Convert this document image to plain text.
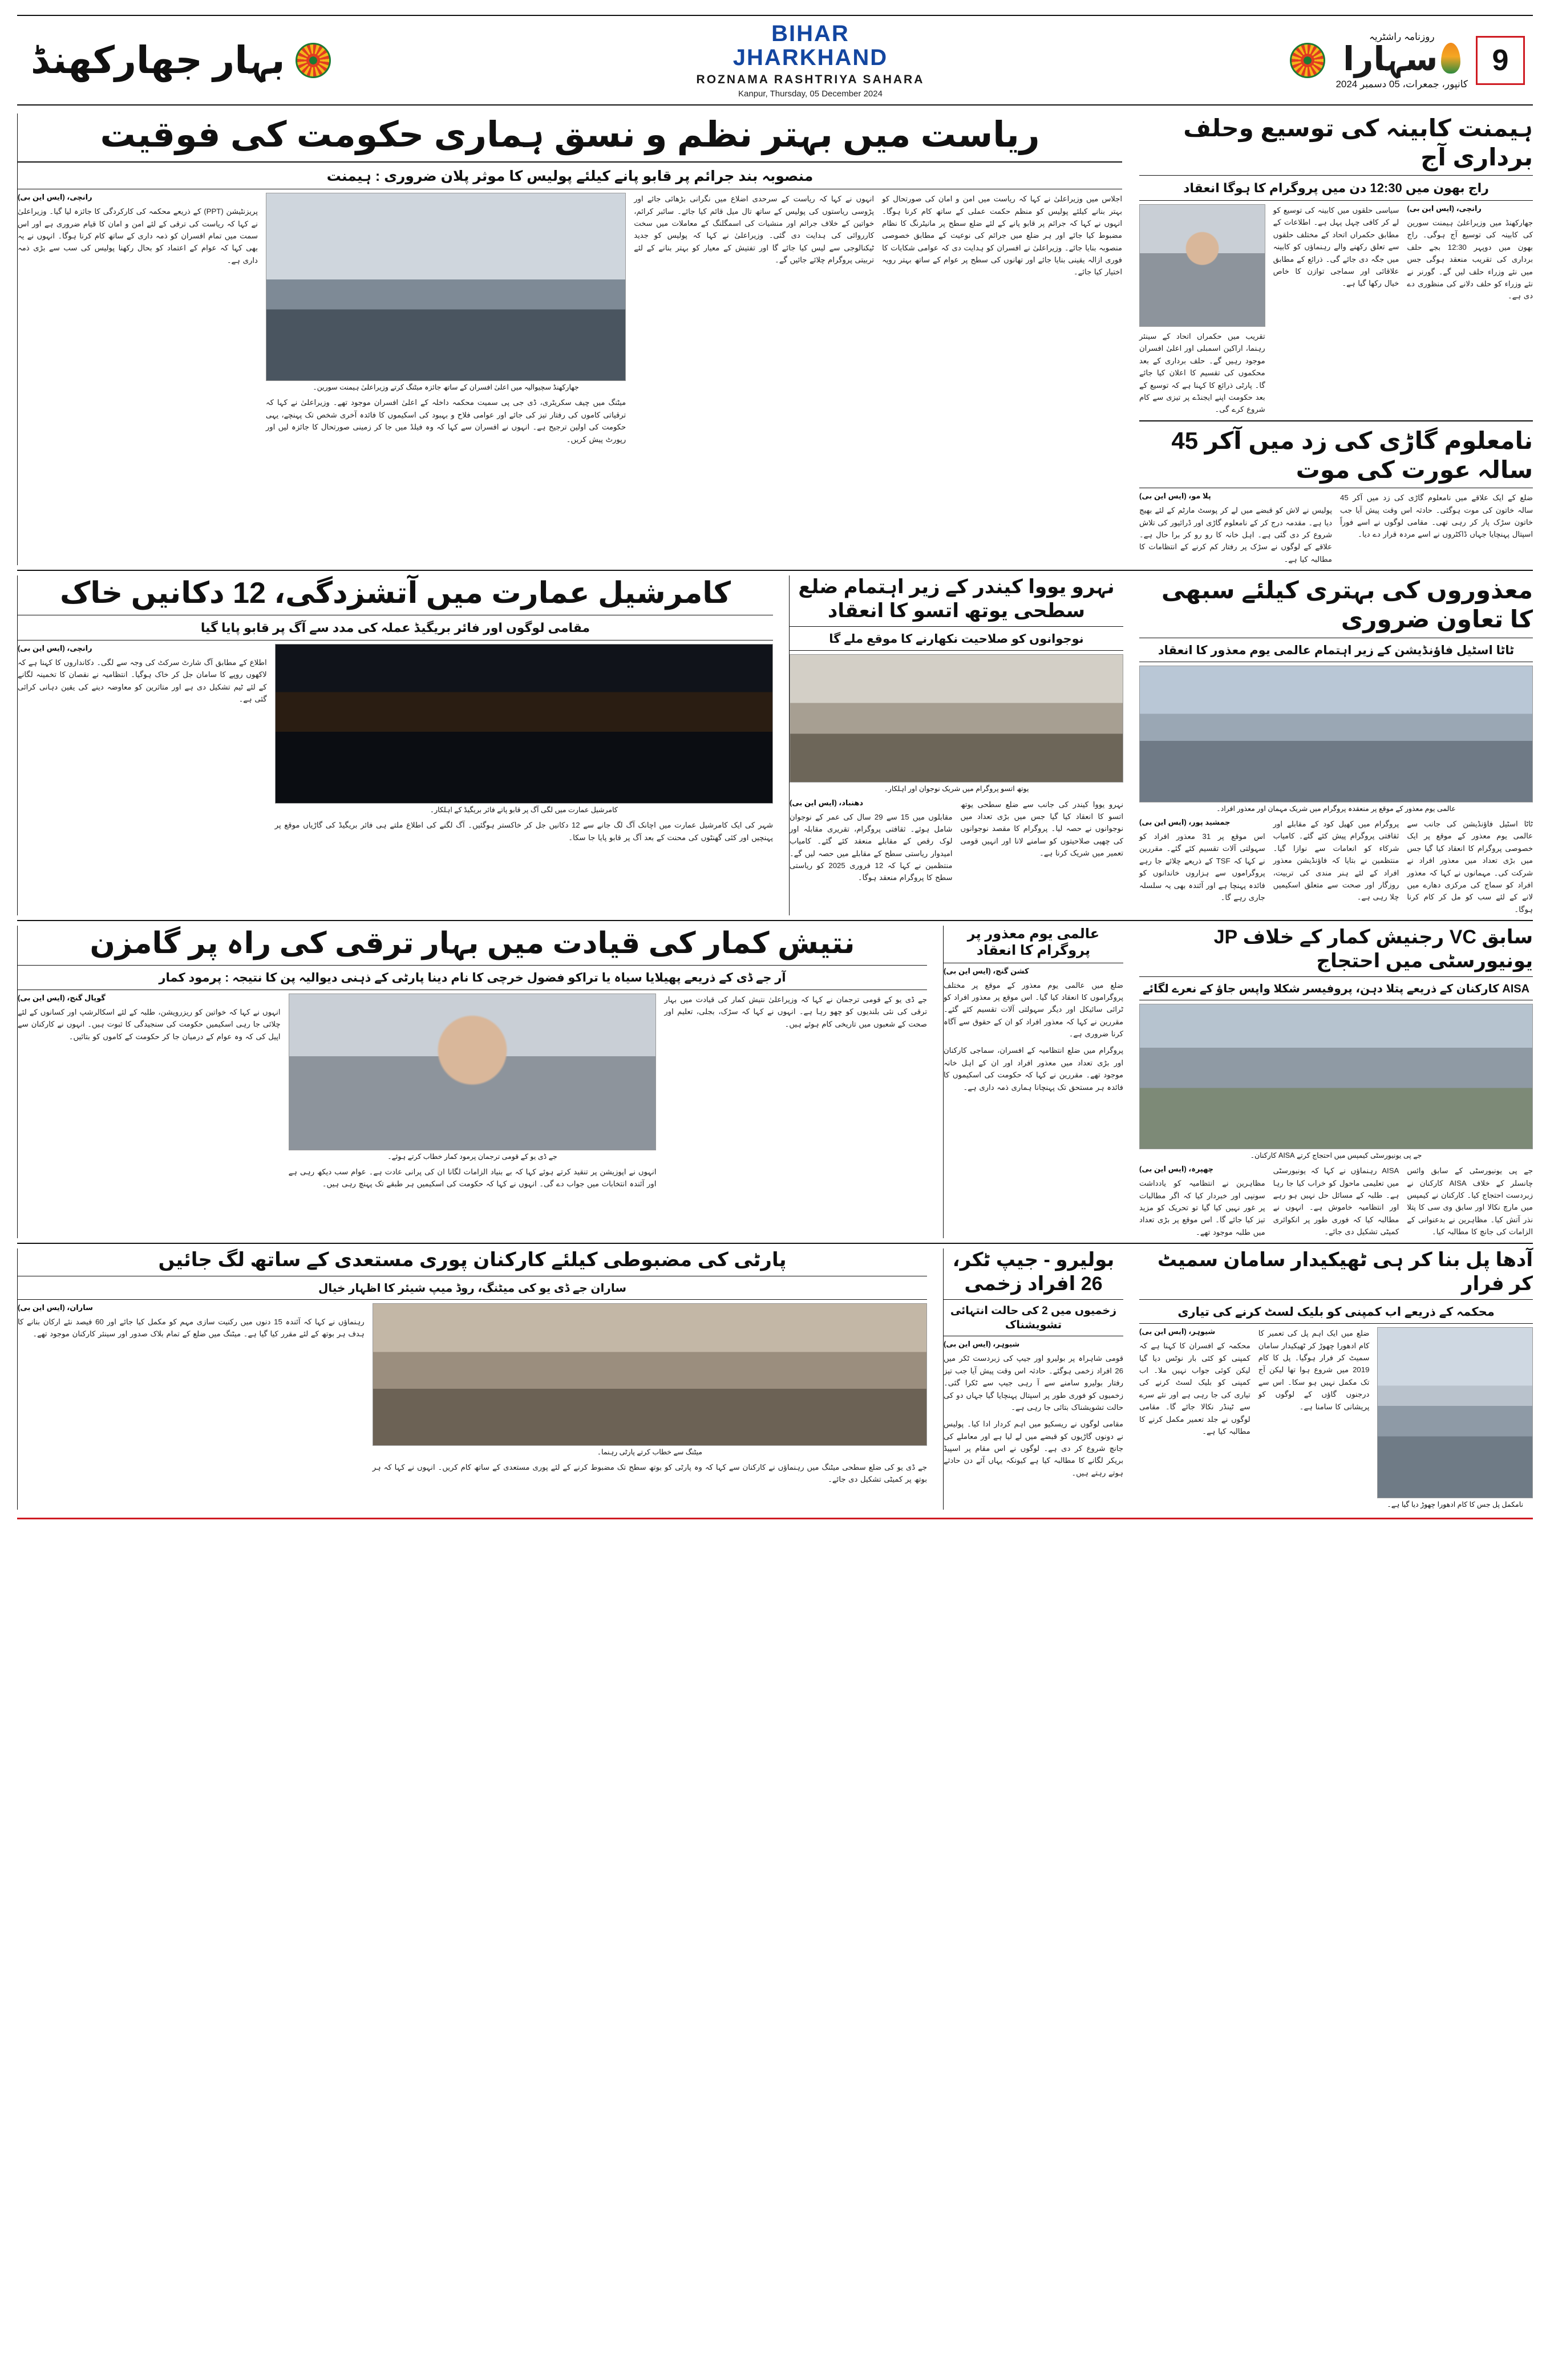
9
روزنامہ راشٹریہ
سہارا
کانپور، جمعرات، 05 دسمبر 2024
BIHAR
JHARKHAND
ROZNAMA RASHTRIYA SAHARA
Kanpur, Thursday, 05 December 2024
بہار جھارکھنڈ
ہیمنت کابینہ کی توسیع وحلف برداری آج
راج بھون میں 12:30 دن میں پروگرام کا ہوگا انعقاد
رانچی، (ایس این بی)
جھارکھنڈ میں وزیراعلیٰ ہیمنت سورین کی کابینہ کی توسیع آج ہوگی۔ راج بھون میں دوپہر 12:30 بجے حلف برداری کی تقریب منعقد ہوگی جس میں نئے وزراء حلف لیں گے۔ گورنر نے نئے وزراء کو حلف دلانے کی منظوری دے دی ہے۔
سیاسی حلقوں میں کابینہ کی توسیع کو لے کر کافی چہل پہل ہے۔ اطلاعات کے مطابق حکمراں اتحاد کے مختلف حلقوں سے تعلق رکھنے والے رہنماؤں کو کابینہ میں جگہ دی جائے گی۔ ذرائع کے مطابق علاقائی اور سماجی توازن کا خاص خیال رکھا گیا ہے۔
تقریب میں حکمراں اتحاد کے سینئر رہنما، اراکین اسمبلی اور اعلیٰ افسران موجود رہیں گے۔ حلف برداری کے بعد محکموں کی تقسیم کا اعلان کیا جائے گا۔ پارٹی ذرائع کا کہنا ہے کہ توسیع کے بعد حکومت اپنے ایجنڈے پر تیزی سے کام شروع کرے گی۔
نامعلوم گاڑی کی زد میں آکر 45 سالہ عورت کی موت
ضلع کے ایک علاقے میں نامعلوم گاڑی کی زد میں آکر 45 سالہ خاتون کی موت ہوگئی۔ حادثہ اس وقت پیش آیا جب خاتون سڑک پار کر رہی تھی۔ مقامی لوگوں نے اسے فوراً اسپتال پہنچایا جہاں ڈاکٹروں نے اسے مردہ قرار دے دیا۔
پلا مو، (ایس این بی)
پولیس نے لاش کو قبضے میں لے کر پوسٹ مارٹم کے لئے بھیج دیا ہے۔ مقدمہ درج کر کے نامعلوم گاڑی اور ڈرائیور کی تلاش شروع کر دی گئی ہے۔ اہل خانہ کا رو رو کر برا حال ہے۔ علاقے کے لوگوں نے سڑک پر رفتار کم کرنے کے انتظامات کا مطالبہ کیا ہے۔
ریاست میں بہتر نظم و نسق ہماری حکومت کی فوقیت
منصوبہ بند جرائم پر قابو پانے کیلئے پولیس کا موثر پلان ضروری : ہیمنت
اجلاس میں وزیراعلیٰ نے کہا کہ ریاست میں امن و امان کی صورتحال کو بہتر بنانے کیلئے پولیس کو منظم حکمت عملی کے ساتھ کام کرنا ہوگا۔ انہوں نے کہا کہ جرائم پر قابو پانے کے لئے ضلع سطح پر مانیٹرنگ کا نظام مضبوط کیا جائے اور ہر ضلع میں جرائم کی نوعیت کے مطابق خصوصی منصوبہ بنایا جائے۔ وزیراعلیٰ نے افسران کو ہدایت دی کہ عوامی شکایات کا فوری ازالہ یقینی بنایا جائے اور تھانوں کی سطح پر عوام کے ساتھ بہتر رویہ اختیار کیا جائے۔
انہوں نے کہا کہ ریاست کے سرحدی اضلاع میں نگرانی بڑھائی جائے اور پڑوسی ریاستوں کی پولیس کے ساتھ تال میل قائم کیا جائے۔ سائبر کرائم، خواتین کے خلاف جرائم اور منشیات کی اسمگلنگ کے معاملات میں سخت کارروائی کی ہدایت دی گئی۔ وزیراعلیٰ نے کہا کہ پولیس کو جدید ٹیکنالوجی سے لیس کیا جائے گا اور تفتیش کے معیار کو بہتر بنانے کے لئے تربیتی پروگرام چلائے جائیں گے۔
جھارکھنڈ سچیوالیہ میں اعلیٰ افسران کے ساتھ جائزہ میٹنگ کرتے وزیراعلیٰ ہیمنت سورین۔
میٹنگ میں چیف سکریٹری، ڈی جی پی سمیت محکمہ داخلہ کے اعلیٰ افسران موجود تھے۔ وزیراعلیٰ نے کہا کہ ترقیاتی کاموں کی رفتار تیز کی جائے اور عوامی فلاح و بہبود کی اسکیموں کا فائدہ آخری شخص تک پہنچے، یہی حکومت کی اولین ترجیح ہے۔ انہوں نے افسران سے کہا کہ وہ فیلڈ میں جا کر زمینی صورتحال کا جائزہ لیں اور رپورٹ پیش کریں۔
رانچی، (ایس این بی)
پریزنٹیشن (PPT) کے ذریعے محکمہ کی کارکردگی کا جائزہ لیا گیا۔ وزیراعلیٰ نے کہا کہ ریاست کی ترقی کے لئے امن و امان کا قیام ضروری ہے اور اس سمت میں تمام افسران کو ذمہ داری کے ساتھ کام کرنا ہوگا۔ انہوں نے یہ بھی کہا کہ عوام کے اعتماد کو بحال رکھنا پولیس کی سب سے بڑی ذمہ داری ہے۔
معذوروں کی بہتری کیلئے سبھی کا تعاون ضروری
ٹاٹا اسٹیل فاؤنڈیشن کے زیر اہتمام عالمی یوم معذور کا انعقاد
عالمی یوم معذور کے موقع پر منعقدہ پروگرام میں شریک مہمان اور معذور افراد۔
ٹاٹا اسٹیل فاؤنڈیشن کی جانب سے عالمی یوم معذور کے موقع پر ایک خصوصی پروگرام کا انعقاد کیا گیا جس میں بڑی تعداد میں معذور افراد نے شرکت کی۔ مہمانوں نے کہا کہ معذور افراد کو سماج کی مرکزی دھارے میں لانے کے لئے سب کو مل کر کام کرنا ہوگا۔
پروگرام میں کھیل کود کے مقابلے اور ثقافتی پروگرام پیش کئے گئے۔ کامیاب شرکاء کو انعامات سے نوازا گیا۔ منتظمین نے بتایا کہ فاؤنڈیشن معذور افراد کے لئے ہنر مندی کی تربیت، روزگار اور صحت سے متعلق اسکیمیں چلا رہی ہے۔
جمشید پور، (ایس این بی)
اس موقع پر 31 معذور افراد کو سہولتی آلات تقسیم کئے گئے۔ مقررین نے کہا کہ TSF کے ذریعے چلائے جا رہے پروگراموں سے ہزاروں خاندانوں کو فائدہ پہنچا ہے اور آئندہ بھی یہ سلسلہ جاری رہے گا۔
نہرو یووا کیندر کے زیر اہتمام ضلع سطحی یوتھ اتسو کا انعقاد
نوجوانوں کو صلاحیت نکھارنے کا موقع ملے گا
یوتھ اتسو پروگرام میں شریک نوجوان اور اہلکار۔
نہرو یووا کیندر کی جانب سے ضلع سطحی یوتھ اتسو کا انعقاد کیا گیا جس میں بڑی تعداد میں نوجوانوں نے حصہ لیا۔ پروگرام کا مقصد نوجوانوں کی چھپی صلاحیتوں کو سامنے لانا اور انہیں قومی تعمیر میں شریک کرنا ہے۔
دھنباد، (ایس این بی)
مقابلوں میں 15 سے 29 سال کی عمر کے نوجوان شامل ہوئے۔ ثقافتی پروگرام، تقریری مقابلہ اور لوک رقص کے مقابلے منعقد کئے گئے۔ کامیاب امیدوار ریاستی سطح کے مقابلے میں حصہ لیں گے۔ منتظمین نے کہا کہ 12 فروری 2025 کو ریاستی سطح کا پروگرام منعقد ہوگا۔
کامرشیل عمارت میں آتشزدگی، 12 دکانیں خاک
مقامی لوگوں اور فائر بریگیڈ عملہ کی مدد سے آگ پر قابو پایا گیا
کامرشیل عمارت میں لگی آگ پر قابو پاتے فائر بریگیڈ کے اہلکار۔
شہر کی ایک کامرشیل عمارت میں اچانک آگ لگ جانے سے 12 دکانیں جل کر خاکستر ہوگئیں۔ آگ لگنے کی اطلاع ملتے ہی فائر بریگیڈ کی گاڑیاں موقع پر پہنچیں اور کئی گھنٹوں کی محنت کے بعد آگ پر قابو پایا جا سکا۔
رانچی، (ایس این بی)
اطلاع کے مطابق آگ شارٹ سرکٹ کی وجہ سے لگی۔ دکانداروں کا کہنا ہے کہ لاکھوں روپے کا سامان جل کر خاک ہوگیا۔ انتظامیہ نے نقصان کا تخمینہ لگانے کے لئے ٹیم تشکیل دی ہے اور متاثرین کو معاوضہ دینے کی یقین دہانی کرائی گئی ہے۔
سابق VC رجنیش کمار کے خلاف JP یونیورسٹی میں احتجاج
AISA کارکنان کے ذریعے پتلا دہن، پروفیسر شکلا واپس جاؤ کے نعرے لگائے
جے پی یونیورسٹی کیمپس میں احتجاج کرتے AISA کارکنان۔
جے پی یونیورسٹی کے سابق وائس چانسلر کے خلاف AISA کارکنان نے زبردست احتجاج کیا۔ کارکنان نے کیمپس میں مارچ نکالا اور سابق وی سی کا پتلا نذر آتش کیا۔ مظاہرین نے بدعنوانی کے الزامات کی جانچ کا مطالبہ کیا۔
AISA رہنماؤں نے کہا کہ یونیورسٹی میں تعلیمی ماحول کو خراب کیا جا رہا ہے۔ طلبہ کے مسائل حل نہیں ہو رہے اور انتظامیہ خاموش ہے۔ انہوں نے مطالبہ کیا کہ فوری طور پر انکوائری کمیٹی تشکیل دی جائے۔
چھپرہ، (ایس این بی)
مظاہرین نے انتظامیہ کو یادداشت سونپی اور خبردار کیا کہ اگر مطالبات پر غور نہیں کیا گیا تو تحریک کو مزید تیز کیا جائے گا۔ اس موقع پر بڑی تعداد میں طلبہ موجود تھے۔
عالمی یوم معذور پر پروگرام کا انعقاد
کشن گنج، (ایس این بی)
ضلع میں عالمی یوم معذور کے موقع پر مختلف پروگراموں کا انعقاد کیا گیا۔ اس موقع پر معذور افراد کو ٹرائی سائیکل اور دیگر سہولتی آلات تقسیم کئے گئے۔ مقررین نے کہا کہ معذور افراد کو ان کے حقوق سے آگاہ کرنا ضروری ہے۔
پروگرام میں ضلع انتظامیہ کے افسران، سماجی کارکنان اور بڑی تعداد میں معذور افراد اور ان کے اہل خانہ موجود تھے۔ مقررین نے کہا کہ حکومت کی اسکیموں کا فائدہ ہر مستحق تک پہنچانا ہماری ذمہ داری ہے۔
نتیش کمار کی قیادت میں بہار ترقی کی راہ پر گامزن
آر جے ڈی کے ذریعے پھیلایا سیاہ یا تراکو فضول خرچی کا نام دینا پارٹی کے ذہنی دیوالیہ پن کا نتیجہ : پرمود کمار
جے ڈی یو کے قومی ترجمان نے کہا کہ وزیراعلیٰ نتیش کمار کی قیادت میں بہار ترقی کی نئی بلندیوں کو چھو رہا ہے۔ انہوں نے کہا کہ سڑک، بجلی، تعلیم اور صحت کے شعبوں میں تاریخی کام ہوئے ہیں۔
جے ڈی یو کے قومی ترجمان پرمود کمار خطاب کرتے ہوئے۔
انہوں نے اپوزیشن پر تنقید کرتے ہوئے کہا کہ بے بنیاد الزامات لگانا ان کی پرانی عادت ہے۔ عوام سب دیکھ رہی ہے اور آئندہ انتخابات میں جواب دے گی۔ انہوں نے کہا کہ حکومت کی اسکیمیں ہر طبقے تک پہنچ رہی ہیں۔
گوپال گنج، (ایس این بی)
انہوں نے کہا کہ خواتین کو ریزرویشن، طلبہ کے لئے اسکالرشپ اور کسانوں کے لئے چلائی جا رہی اسکیمیں حکومت کی سنجیدگی کا ثبوت ہیں۔ انہوں نے کارکنان سے اپیل کی کہ وہ عوام کے درمیان جا کر حکومت کے کاموں کو بتائیں۔
آدھا پل بنا کر ہی ٹھیکیدار سامان سمیٹ کر فرار
محکمہ کے ذریعے اب کمپنی کو بلیک لسٹ کرنے کی تیاری
نامکمل پل جس کا کام ادھورا چھوڑ دیا گیا ہے۔
ضلع میں ایک اہم پل کی تعمیر کا کام ادھورا چھوڑ کر ٹھیکیدار سامان سمیٹ کر فرار ہوگیا۔ پل کا کام 2019 میں شروع ہوا تھا لیکن آج تک مکمل نہیں ہو سکا۔ اس سے درجنوں گاؤں کے لوگوں کو پریشانی کا سامنا ہے۔
شیوہر، (ایس این بی)
محکمہ کے افسران کا کہنا ہے کہ کمپنی کو کئی بار نوٹس دیا گیا لیکن کوئی جواب نہیں ملا۔ اب کمپنی کو بلیک لسٹ کرنے کی تیاری کی جا رہی ہے اور نئے سرے سے ٹینڈر نکالا جائے گا۔ مقامی لوگوں نے جلد تعمیر مکمل کرنے کا مطالبہ کیا ہے۔
بولیرو - جیپ ٹکر، 26 افراد زخمی
زخمیوں میں 2 کی حالت انتہائی تشویشناک
شیوہر، (ایس این بی)
قومی شاہراہ پر بولیرو اور جیپ کی زبردست ٹکر میں 26 افراد زخمی ہوگئے۔ حادثہ اس وقت پیش آیا جب تیز رفتار بولیرو سامنے سے آ رہی جیپ سے ٹکرا گئی۔ زخمیوں کو فوری طور پر اسپتال پہنچایا گیا جہاں دو کی حالت تشویشناک بتائی جا رہی ہے۔
مقامی لوگوں نے ریسکیو میں اہم کردار ادا کیا۔ پولیس نے دونوں گاڑیوں کو قبضے میں لے لیا ہے اور معاملے کی جانچ شروع کر دی ہے۔ لوگوں نے اس مقام پر اسپیڈ بریکر لگانے کا مطالبہ کیا ہے کیونکہ یہاں آئے دن حادثے ہوتے رہتے ہیں۔
پارٹی کی مضبوطی کیلئے کارکنان پوری مستعدی کے ساتھ لگ جائیں
ساران جے ڈی یو کی میٹنگ، روڈ میپ شیئر کا اظہار خیال
میٹنگ سے خطاب کرتے پارٹی رہنما۔
جے ڈی یو کی ضلع سطحی میٹنگ میں رہنماؤں نے کارکنان سے کہا کہ وہ پارٹی کو بوتھ سطح تک مضبوط کرنے کے لئے پوری مستعدی کے ساتھ کام کریں۔ انہوں نے کہا کہ ہر بوتھ پر کمیٹی تشکیل دی جائے۔
ساران، (ایس این بی)
رہنماؤں نے کہا کہ آئندہ 15 دنوں میں رکنیت سازی مہم کو مکمل کیا جائے اور 60 فیصد نئے ارکان بنانے کا ہدف ہر بوتھ کے لئے مقرر کیا گیا ہے۔ میٹنگ میں ضلع کے تمام بلاک صدور اور سینئر کارکنان موجود تھے۔
